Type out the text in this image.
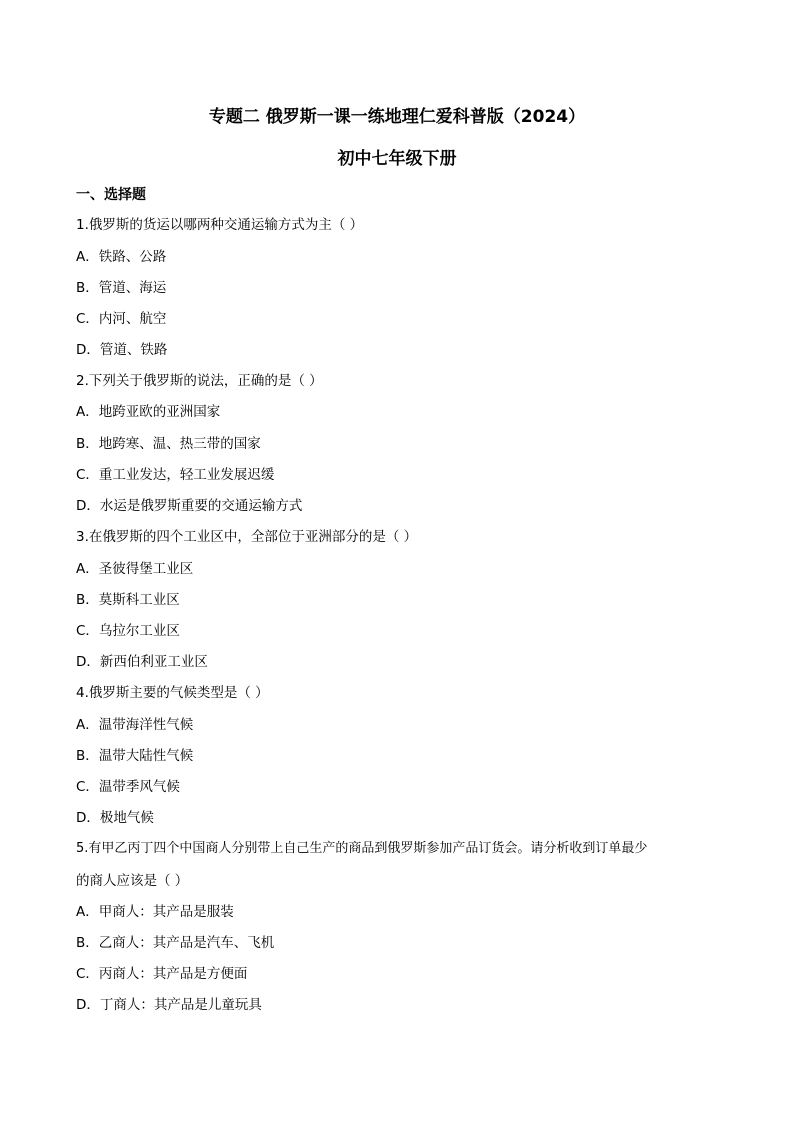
专题二 俄罗斯一课一练地理仁爱科普版（2024）
初中七年级下册
一、选择题
1.俄罗斯的货运以哪两种交通运输方式为主（ ）
A．铁路、公路
B．管道、海运
C．内河、航空
D．管道、铁路
2.下列关于俄罗斯的说法，正确的是（ ）
A．地跨亚欧的亚洲国家
B．地跨寒、温、热三带的国家
C．重工业发达，轻工业发展迟缓
D．水运是俄罗斯重要的交通运输方式
3.在俄罗斯的四个工业区中，全部位于亚洲部分的是（ ）
A．圣彼得堡工业区
B．莫斯科工业区
C．乌拉尔工业区
D．新西伯利亚工业区
4.俄罗斯主要的气候类型是（ ）
A．温带海洋性气候
B．温带大陆性气候
C．温带季风气候
D．极地气候
5.有甲乙丙丁四个中国商人分别带上自己生产的商品到俄罗斯参加产品订货会。请分析收到订单最少
的商人应该是（ ）
A．甲商人：其产品是服装
B．乙商人：其产品是汽车、飞机
C．丙商人：其产品是方便面
D．丁商人：其产品是儿童玩具
